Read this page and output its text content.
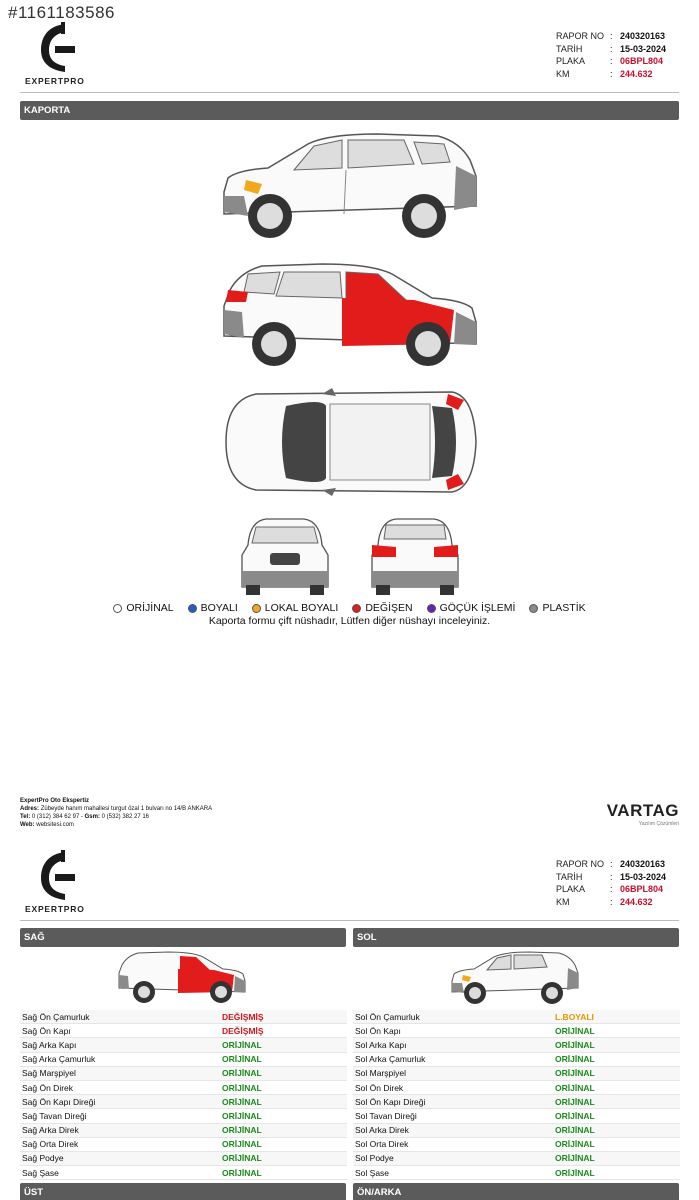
#1161183586
EXPERTPRO
RAPOR NO : 240320163
TARİH	: 15-03-2024
PLAKA	: 06BPL804
KM	: 244.632
KAPORTA
ORİJİNAL	BOYALI	LOKAL BOYALI	DEĞİŞEN	GÖÇÜK İŞLEMİ	PLASTİK
Kaporta formu çift nüshadır, Lütfen diğer nüshayı inceleyiniz.
ExpertPro Oto Ekspertiz
Adres: Zübeyde hanım mahallesi turgut özal 1 bulvarı no 14/B ANKARA
Tel: 0 (312) 384 62 97 - Gsm: 0 (532) 382 27 16
Web: websitesi.com
VARTAG
Yazılım Çözümleri
EXPERTPRO
RAPOR NO : 240320163
TARİH	: 15-03-2024
PLAKA	: 06BPL804
KM	: 244.632
SAĞ	SOL
Sağ Ön Çamurluk	DEĞİŞMİŞ
Sağ Ön Kapı	DEĞİŞMİŞ
Sağ Arka Kapı	ORİJİNAL
Sağ Arka Çamurluk	ORİJİNAL
Sağ Marşpiyel	ORİJİNAL
Sağ Ön Direk	ORİJİNAL
Sağ Ön Kapı Direği	ORİJİNAL
Sağ Tavan Direği	ORİJİNAL
Sağ Arka Direk	ORİJİNAL
Sağ Orta Direk	ORİJİNAL
Sağ Podye	ORİJİNAL
Sağ Şase	ORİJİNAL
Sol Ön Çamurluk	L.BOYALI
Sol Ön Kapı	ORİJİNAL
Sol Arka Kapı	ORİJİNAL
Sol Arka Çamurluk	ORİJİNAL
Sol Marşpiyel	ORİJİNAL
Sol Ön Direk	ORİJİNAL
Sol Ön Kapı Direği	ORİJİNAL
Sol Tavan Direği	ORİJİNAL
Sol Arka Direk	ORİJİNAL
Sol Orta Direk	ORİJİNAL
Sol Podye	ORİJİNAL
Sol Şase	ORİJİNAL
ÜST	ÖN/ARKA
